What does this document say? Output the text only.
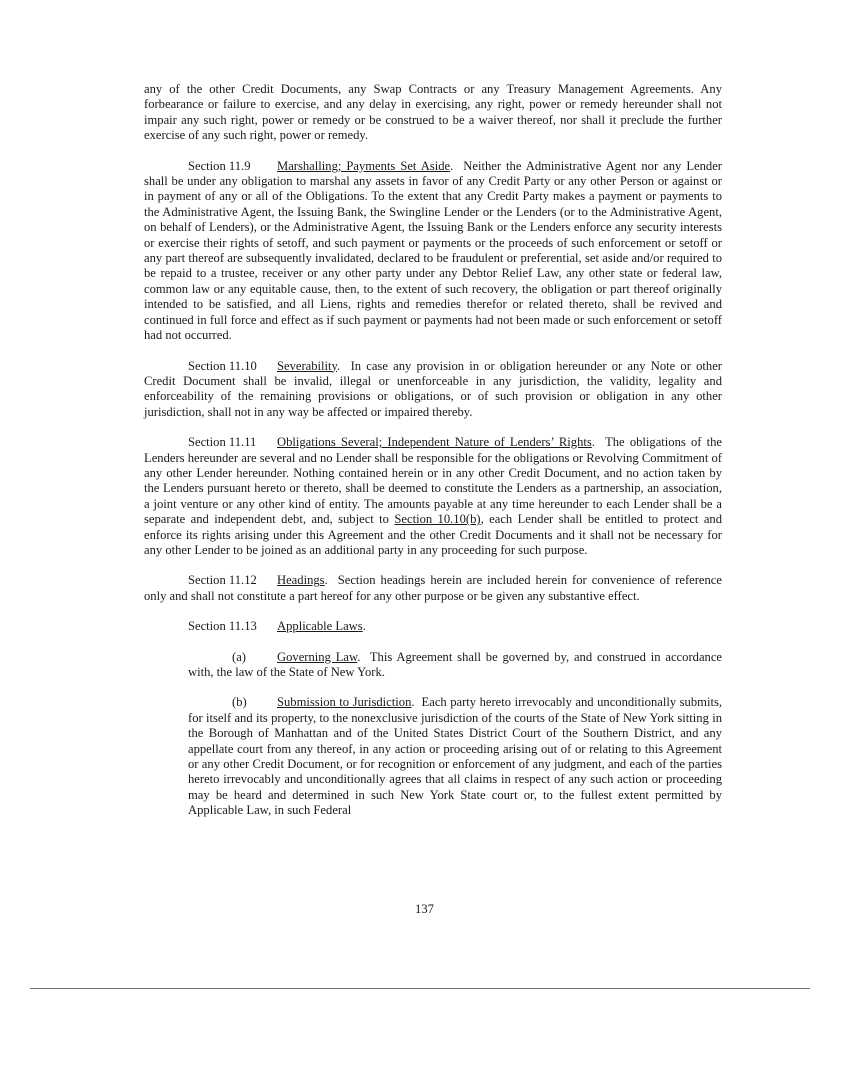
any of the other Credit Documents, any Swap Contracts or any Treasury Management Agreements. Any forbearance or failure to exercise, and any delay in exercising, any right, power or remedy hereunder shall not impair any such right, power or remedy or be construed to be a waiver thereof, nor shall it preclude the further exercise of any such right, power or remedy.

Section 11.9 Marshalling; Payments Set Aside.  Neither the Administrative Agent nor any Lender shall be under any obligation to marshal any assets in favor of any Credit Party or any other Person or against or in payment of any or all of the Obligations. To the extent that any Credit Party makes a payment or payments to the Administrative Agent, the Issuing Bank, the Swingline Lender or the Lenders (or to the Administrative Agent, on behalf of Lenders), or the Administrative Agent, the Issuing Bank or the Lenders enforce any security interests or exercise their rights of setoff, and such payment or payments or the proceeds of such enforcement or setoff or any part thereof are subsequently invalidated, declared to be fraudulent or preferential, set aside and/or required to be repaid to a trustee, receiver or any other party under any Debtor Relief Law, any other state or federal law, common law or any equitable cause, then, to the extent of such recovery, the obligation or part thereof originally intended to be satisfied, and all Liens, rights and remedies therefor or related thereto, shall be revived and continued in full force and effect as if such payment or payments had not been made or such enforcement or setoff had not occurred.

Section 11.10 Severability.  In case any provision in or obligation hereunder or any Note or other Credit Document shall be invalid, illegal or unenforceable in any jurisdiction, the validity, legality and enforceability of the remaining provisions or obligations, or of such provision or obligation in any other jurisdiction, shall not in any way be affected or impaired thereby.

Section 11.11 Obligations Several; Independent Nature of Lenders’ Rights.  The obligations of the Lenders hereunder are several and no Lender shall be responsible for the obligations or Revolving Commitment of any other Lender hereunder. Nothing contained herein or in any other Credit Document, and no action taken by the Lenders pursuant hereto or thereto, shall be deemed to constitute the Lenders as a partnership, an association, a joint venture or any other kind of entity. The amounts payable at any time hereunder to each Lender shall be a separate and independent debt, and, subject to Section 10.10(b), each Lender shall be entitled to protect and enforce its rights arising under this Agreement and the other Credit Documents and it shall not be necessary for any other Lender to be joined as an additional party in any proceeding for such purpose.

Section 11.12 Headings.  Section headings herein are included herein for convenience of reference only and shall not constitute a part hereof for any other purpose or be given any substantive effect.

Section 11.13 Applicable Laws.

(a) Governing Law.  This Agreement shall be governed by, and construed in accordance with, the law of the State of New York.

(b) Submission to Jurisdiction.  Each party hereto irrevocably and unconditionally submits, for itself and its property, to the nonexclusive jurisdiction of the courts of the State of New York sitting in the Borough of Manhattan and of the United States District Court of the Southern District, and any appellate court from any thereof, in any action or proceeding arising out of or relating to this Agreement or any other Credit Document, or for recognition or enforcement of any judgment, and each of the parties hereto irrevocably and unconditionally agrees that all claims in respect of any such action or proceeding may be heard and determined in such New York State court or, to the fullest extent permitted by Applicable Law, in such Federal

137
